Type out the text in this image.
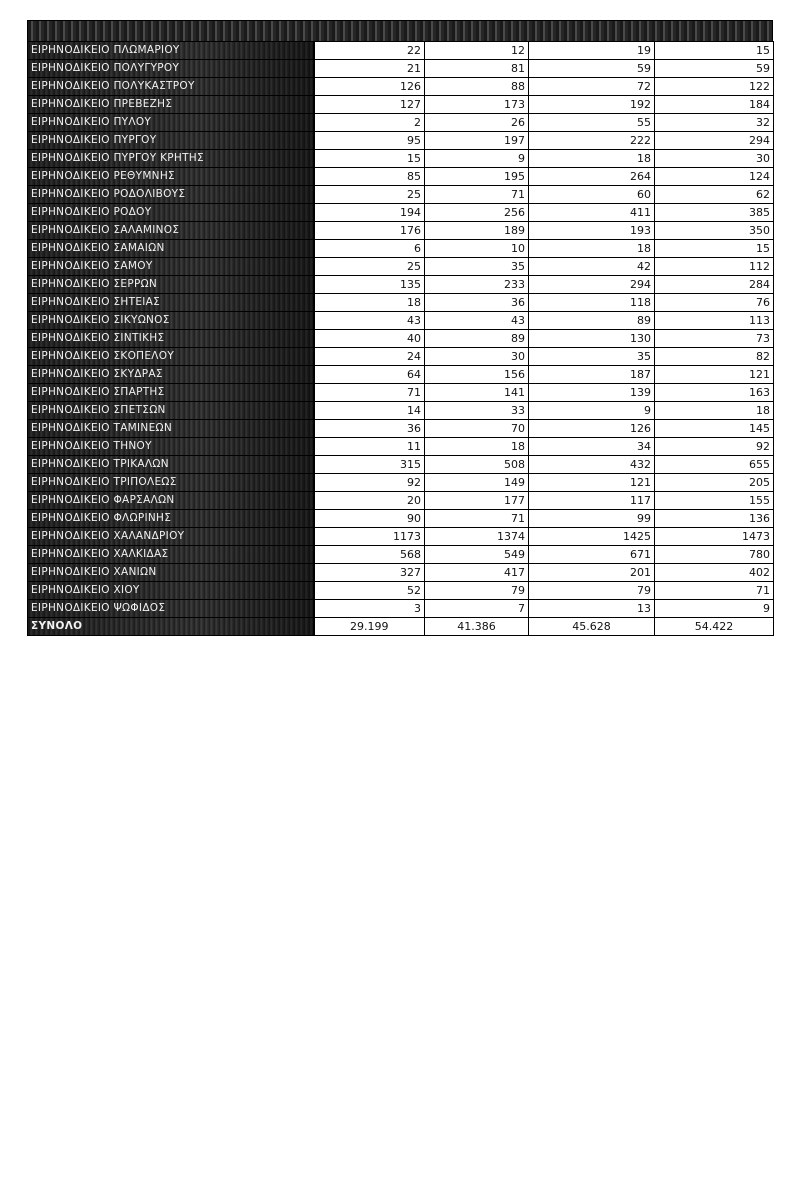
ΕΙΡΗΝΟΔΙΚΕΙΟ ΠΛΩΜΑΡΙΟΥ	22	12	19	15
ΕΙΡΗΝΟΔΙΚΕΙΟ ΠΟΛΥΓΥΡΟΥ	21	81	59	59
ΕΙΡΗΝΟΔΙΚΕΙΟ ΠΟΛΥΚΑΣΤΡΟΥ	126	88	72	122
ΕΙΡΗΝΟΔΙΚΕΙΟ ΠΡΕΒΕΖΗΣ	127	173	192	184
ΕΙΡΗΝΟΔΙΚΕΙΟ ΠΥΛΟΥ	2	26	55	32
ΕΙΡΗΝΟΔΙΚΕΙΟ ΠΥΡΓΟΥ	95	197	222	294
ΕΙΡΗΝΟΔΙΚΕΙΟ ΠΥΡΓΟΥ ΚΡΗΤΗΣ	15	9	18	30
ΕΙΡΗΝΟΔΙΚΕΙΟ ΡΕΘΥΜΝΗΣ	85	195	264	124
ΕΙΡΗΝΟΔΙΚΕΙΟ ΡΟΔΟΛΙΒΟΥΣ	25	71	60	62
ΕΙΡΗΝΟΔΙΚΕΙΟ ΡΟΔΟΥ	194	256	411	385
ΕΙΡΗΝΟΔΙΚΕΙΟ ΣΑΛΑΜΙΝΟΣ	176	189	193	350
ΕΙΡΗΝΟΔΙΚΕΙΟ ΣΑΜΑΙΩΝ	6	10	18	15
ΕΙΡΗΝΟΔΙΚΕΙΟ ΣΑΜΟΥ	25	35	42	112
ΕΙΡΗΝΟΔΙΚΕΙΟ ΣΕΡΡΩΝ	135	233	294	284
ΕΙΡΗΝΟΔΙΚΕΙΟ ΣΗΤΕΙΑΣ	18	36	118	76
ΕΙΡΗΝΟΔΙΚΕΙΟ ΣΙΚΥΩΝΟΣ	43	43	89	113
ΕΙΡΗΝΟΔΙΚΕΙΟ ΣΙΝΤΙΚΗΣ	40	89	130	73
ΕΙΡΗΝΟΔΙΚΕΙΟ ΣΚΟΠΕΛΟΥ	24	30	35	82
ΕΙΡΗΝΟΔΙΚΕΙΟ ΣΚΥΔΡΑΣ	64	156	187	121
ΕΙΡΗΝΟΔΙΚΕΙΟ ΣΠΑΡΤΗΣ	71	141	139	163
ΕΙΡΗΝΟΔΙΚΕΙΟ ΣΠΕΤΣΩΝ	14	33	9	18
ΕΙΡΗΝΟΔΙΚΕΙΟ ΤΑΜΙΝΕΩΝ	36	70	126	145
ΕΙΡΗΝΟΔΙΚΕΙΟ ΤΗΝΟΥ	11	18	34	92
ΕΙΡΗΝΟΔΙΚΕΙΟ ΤΡΙΚΑΛΩΝ	315	508	432	655
ΕΙΡΗΝΟΔΙΚΕΙΟ ΤΡΙΠΟΛΕΩΣ	92	149	121	205
ΕΙΡΗΝΟΔΙΚΕΙΟ ΦΑΡΣΑΛΩΝ	20	177	117	155
ΕΙΡΗΝΟΔΙΚΕΙΟ ΦΛΩΡΙΝΗΣ	90	71	99	136
ΕΙΡΗΝΟΔΙΚΕΙΟ ΧΑΛΑΝΔΡΙΟΥ	1173	1374	1425	1473
ΕΙΡΗΝΟΔΙΚΕΙΟ ΧΑΛΚΙΔΑΣ	568	549	671	780
ΕΙΡΗΝΟΔΙΚΕΙΟ ΧΑΝΙΩΝ	327	417	201	402
ΕΙΡΗΝΟΔΙΚΕΙΟ ΧΙΟΥ	52	79	79	71
ΕΙΡΗΝΟΔΙΚΕΙΟ ΨΩΦΙΔΟΣ	3	7	13	9
ΣΥΝΟΛΟ	29.199	41.386	45.628	54.422
